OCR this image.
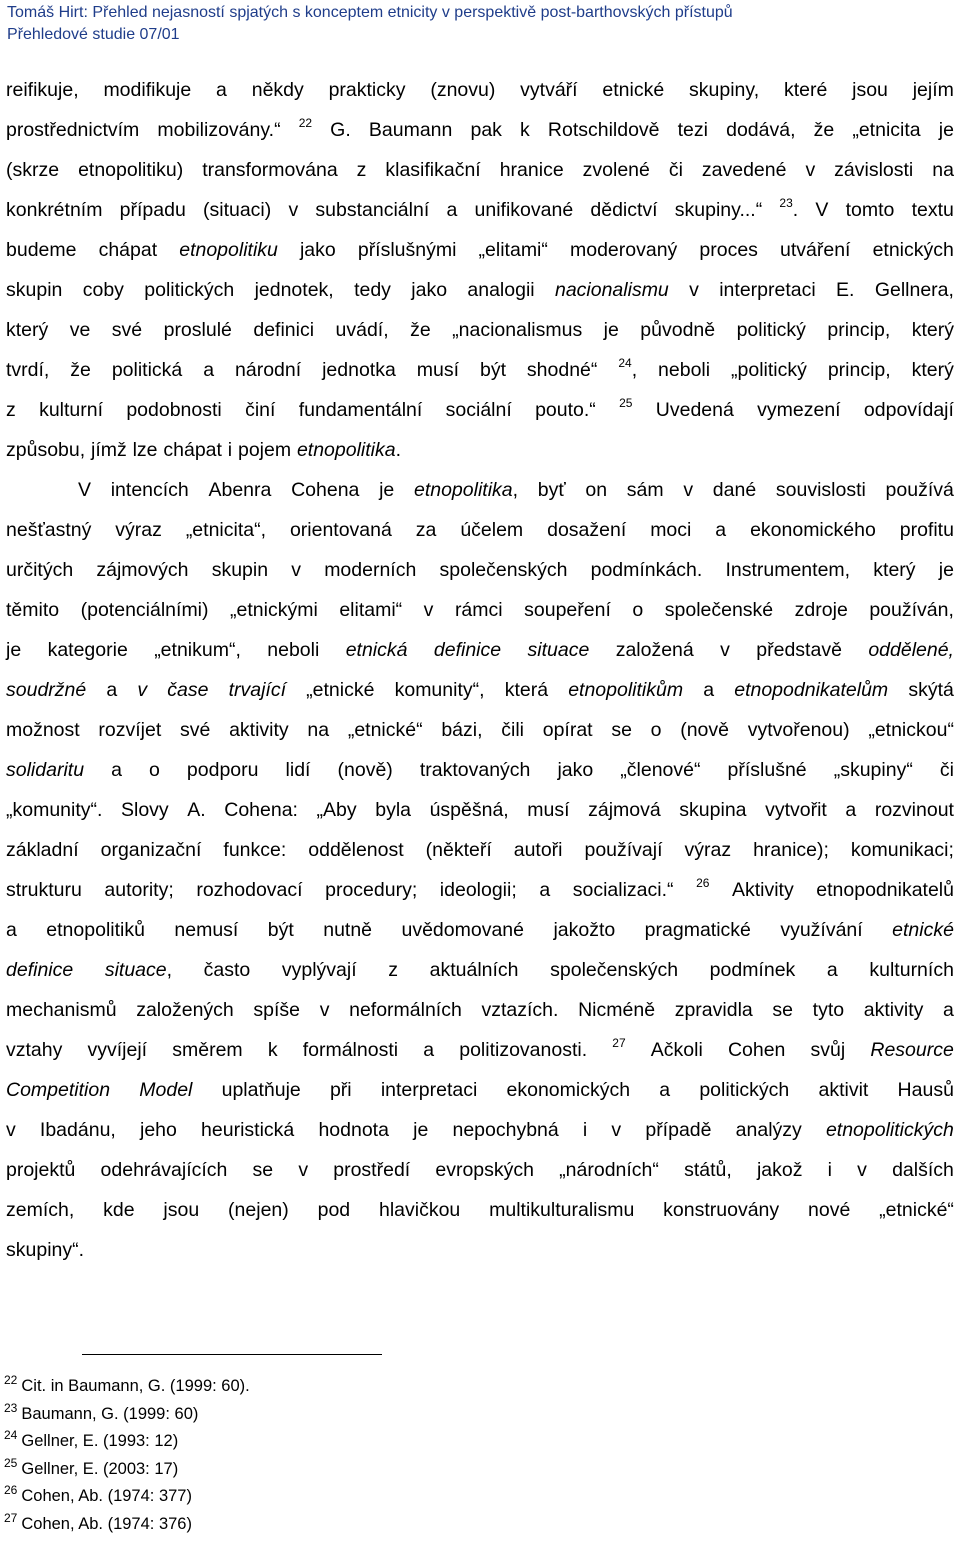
Tomáš Hirt: Přehled nejasností spjatých s konceptem etnicity v perspektivě post-barthovských přístupů
Přehledové studie 07/01
reifikuje, modifikuje a někdy prakticky (znovu) vytváří etnické skupiny, které jsou jejím
prostřednictvím mobilizovány.“ $^{22}$ G. Baumann pak k Rotschildově tezi dodává, že „etnicita je
(skrze etnopolitiku) transformována z klasifikační hranice zvolené či zavedené v závislosti na
konkrétním případu (situaci) v substanciální a unifikované dědictví skupiny...“ $^{23}$. V tomto textu
budeme chápat etnopolitiku jako příslušnými „elitami“ moderovaný proces utváření etnických
skupin coby politických jednotek, tedy jako analogii nacionalismu v interpretaci E. Gellnera,
který ve své proslulé definici uvádí, že „nacionalismus je původně politický princip, který
tvrdí, že politická a národní jednotka musí být shodné“ $^{24}$, neboli „politický princip, který
z kulturní podobnosti činí fundamentální sociální pouto.“ $^{25}$ Uvedená vymezení odpovídají
způsobu, jímž lze chápat i pojem etnopolitika.
V intencích Abenra Cohena je etnopolitika, byť on sám v dané souvislosti používá
nešťastný výraz „etnicita“, orientovaná za účelem dosažení moci a ekonomického profitu
určitých zájmových skupin v moderních společenských podmínkách. Instrumentem, který je
těmito (potenciálními) „etnickými elitami“ v rámci soupeření o společenské zdroje používán,
je kategorie „etnikum“, neboli etnická definice situace založená v představě oddělené,
soudržné a v čase trvající „etnické komunity“, která etnopolitikům a etnopodnikatelům skýtá
možnost rozvíjet své aktivity na „etnické“ bázi, čili opírat se o (nově vytvořenou) „etnickou“
solidaritu a o podporu lidí (nově) traktovaných jako „členové“ příslušné „skupiny“ či
„komunity“. Slovy A. Cohena: „Aby byla úspěšná, musí zájmová skupina vytvořit a rozvinout
základní organizační funkce: oddělenost (někteří autoři používají výraz hranice); komunikaci;
strukturu autority; rozhodovací procedury; ideologii; a socializaci.“ $^{26}$ Aktivity etnopodnikatelů
a etnopolitiků nemusí být nutně uvědomované jakožto pragmatické využívání etnické
definice situace, často vyplývají z aktuálních společenských podmínek a kulturních
mechanismů založených spíše v neformálních vztazích. Nicméně zpravidla se tyto aktivity a
vztahy vyvíjejí směrem k formálnosti a politizovanosti. $^{27}$ Ačkoli Cohen svůj Resource
Competition Model uplatňuje při interpretaci ekonomických a politických aktivit Hausů
v Ibadánu, jeho heuristická hodnota je nepochybná i v případě analýzy etnopolitických
projektů odehrávajících se v prostředí evropských „národních“ států, jakož i v dalších
zemích, kde jsou (nejen) pod hlavičkou multikulturalismu konstruovány nové „etnické“
skupiny“.
$^{22}$ Cit. in Baumann, G. (1999: 60).
$^{23}$ Baumann, G. (1999: 60)
$^{24}$ Gellner, E. (1993: 12)
$^{25}$ Gellner, E. (2003: 17)
$^{26}$ Cohen, Ab. (1974: 377)
$^{27}$ Cohen, Ab. (1974: 376)
